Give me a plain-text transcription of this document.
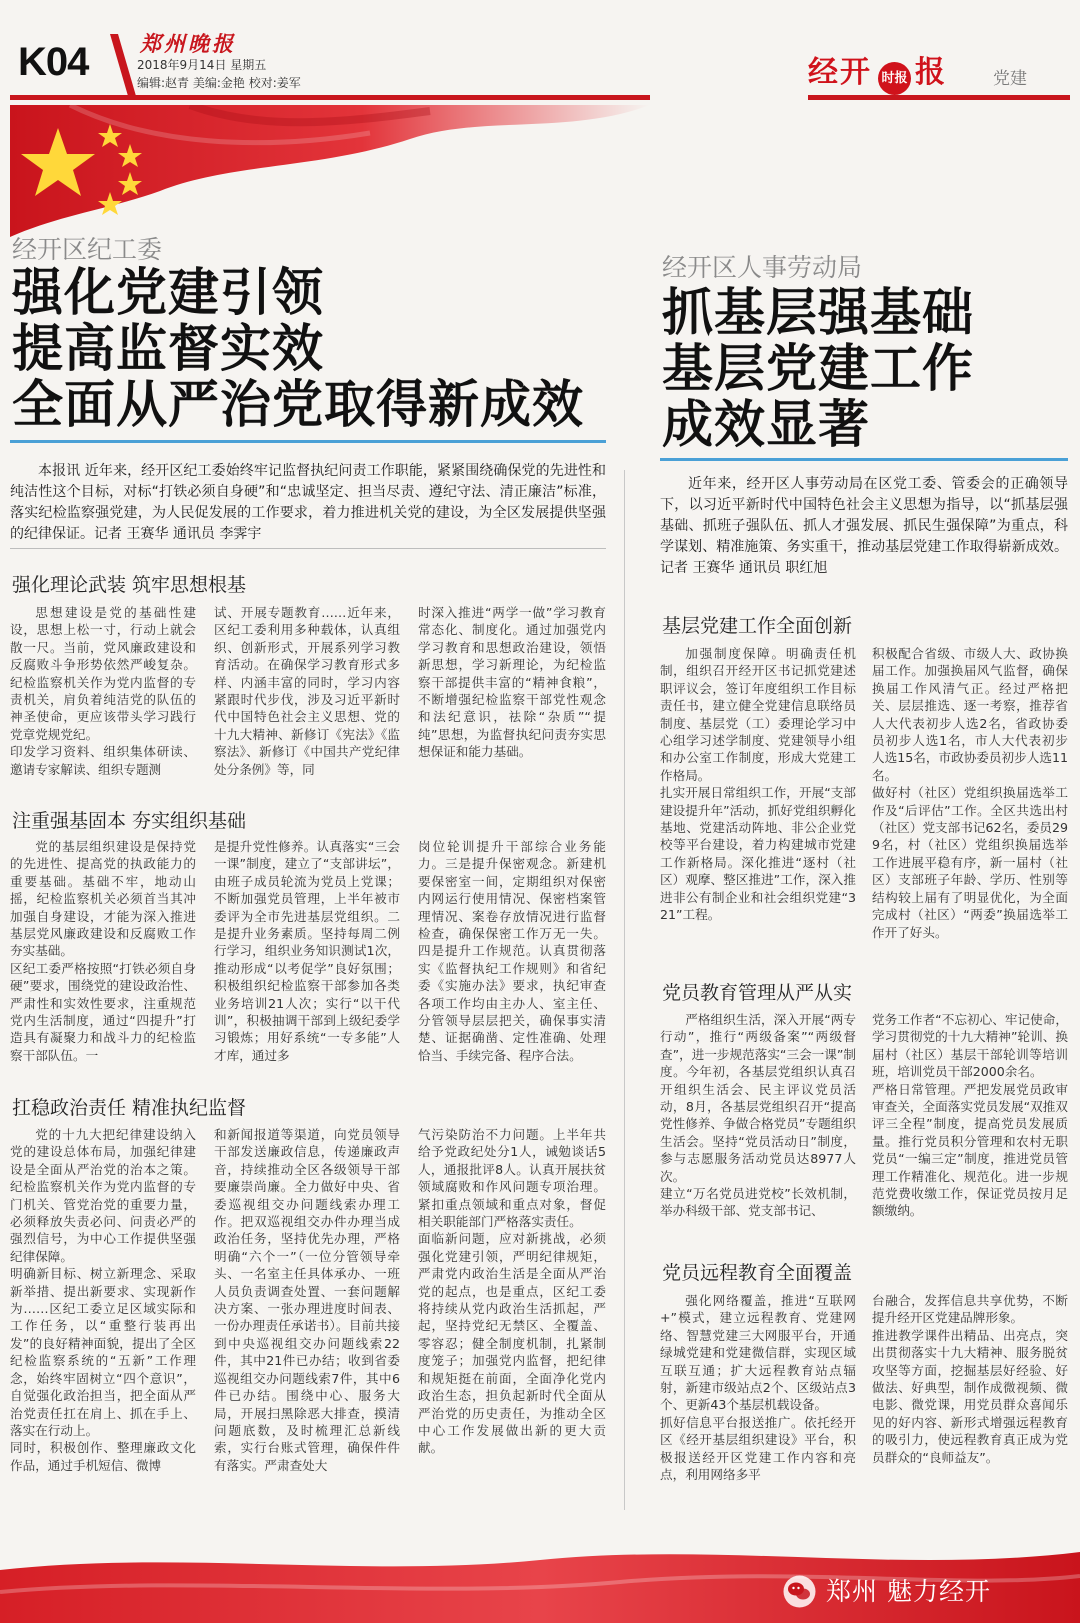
K04 郑州晚报
2018年9月14日 星期五
编辑:赵青 美编:金艳 校对:姜军	经开 时报 报	党建
经开区纪工委
强化党建引领
提高监督实效
全面从严治党取得新成效
本报讯 近年来，经开区纪工委始终牢记监督执纪问责工作职能，紧紧围绕确保党的先进性和纯洁性这个目标，对标“打铁必须自身硬”和“忠诚坚定、担当尽责、遵纪守法、清正廉洁”标准，落实纪检监察强党建，为人民促发展的工作要求，着力推进机关党的建设，为全区发展提供坚强的纪律保证。记者 王赛华 通讯员 李霁宇
强化理论武装 筑牢思想根基
思想建设是党的基础性建设，思想上松一寸，行动上就会散一尺。当前，党风廉政建设和反腐败斗争形势依然严峻复杂。纪检监察机关作为党内监督的专责机关，肩负着纯洁党的队伍的神圣使命，更应该带头学习践行党章党规党纪。
印发学习资料、组织集体研读、邀请专家解读、组织专题测
试、开展专题教育……近年来，区纪工委利用多种载体，认真组织、创新形式，开展系列学习教育活动。在确保学习教育形式多样、内涵丰富的同时，学习内容紧跟时代步伐，涉及习近平新时代中国特色社会主义思想、党的十九大精神、新修订《宪法》《监察法》、新修订《中国共产党纪律处分条例》等，同
时深入推进“两学一做”学习教育常态化、制度化。通过加强党内学习教育和思想政治建设，领悟新思想，学习新理论，为纪检监察干部提供丰富的“精神食粮”，不断增强纪检监察干部党性观念和法纪意识，祛除“杂质”“提纯”思想，为监督执纪问责夯实思想保证和能力基础。
注重强基固本 夯实组织基础
党的基层组织建设是保持党的先进性、提高党的执政能力的重要基础。基础不牢，地动山摇，纪检监察机关必须首当其冲加强自身建设，才能为深入推进基层党风廉政建设和反腐败工作夯实基础。
区纪工委严格按照“打铁必须自身硬”要求，围绕党的建设政治性、严肃性和实效性要求，注重规范党内生活制度，通过“四提升”打造具有凝聚力和战斗力的纪检监察干部队伍。一
是提升党性修养。认真落实“三会一课”制度，建立了“支部讲坛”，由班子成员轮流为党员上党课；不断加强党员管理，上半年被市委评为全市先进基层党组织。二是提升业务素质。坚持每周二例行学习，组织业务知识测试1次，推动形成“以考促学”良好氛围；积极组织纪检监察干部参加各类业务培训21人次；实行“以干代训”，积极抽调干部到上级纪委学习锻炼；用好系统“一专多能”人才库，通过多
岗位轮训提升干部综合业务能力。三是提升保密观念。新建机要保密室一间，定期组织对保密内网运行使用情况、保密档案管理情况、案卷存放情况进行监督检查，确保保密工作万无一失。四是提升工作规范。认真贯彻落实《监督执纪工作规则》和省纪委《实施办法》要求，执纪审查各项工作均由主办人、室主任、分管领导层层把关，确保事实清楚、证据确凿、定性准确、处理恰当、手续完备、程序合法。
扛稳政治责任 精准执纪监督
党的十九大把纪律建设纳入党的建设总体布局，加强纪律建设是全面从严治党的治本之策。纪检监察机关作为党内监督的专门机关、管党治党的重要力量，必须释放失责必问、问责必严的强烈信号，为中心工作提供坚强纪律保障。
明确新目标、树立新理念、采取新举措、提出新要求、实现新作为……区纪工委立足区域实际和工作任务，以“重整行装再出发”的良好精神面貌，提出了全区纪检监察系统的“五新”工作理念，始终牢固树立“四个意识”，自觉强化政治担当，把全面从严治党责任扛在肩上、抓在手上、落实在行动上。
同时，积极创作、整理廉政文化作品，通过手机短信、微博
和新闻报道等渠道，向党员领导干部发送廉政信息，传递廉政声音，持续推动全区各级领导干部要廉崇尚廉。全力做好中央、省委巡视组交办问题线索办理工作。把双巡视组交办件办理当成政治任务，坚持优先办理，严格明确“六个一”（一位分管领导牵头、一名室主任具体承办、一班人员负责调查处置、一套问题解决方案、一张办理进度时间表、一份办理责任承诺书）。目前共接到中央巡视组交办问题线索22件，其中21件已办结；收到省委巡视组交办问题线索7件，其中6件已办结。围绕中心、服务大局，开展扫黑除恶大排查，摸清问题底数，及时梳理汇总新线索，实行台账式管理，确保件件有落实。严肃查处大
气污染防治不力问题。上半年共给予党政纪处分1人，诫勉谈话5人，通报批评8人。认真开展扶贫领域腐败和作风问题专项治理。紧扣重点领域和重点对象，督促相关职能部门严格落实责任。
面临新问题，应对新挑战，必须强化党建引领，严明纪律规矩，严肃党内政治生活是全面从严治党的起点，也是重点，区纪工委将持续从党内政治生活抓起，严起，坚持党纪无禁区、全覆盖、零容忍；健全制度机制，扎紧制度笼子；加强党内监督，把纪律和规矩挺在前面，全面净化党内政治生态，担负起新时代全面从严治党的历史责任，为推动全区中心工作发展做出新的更大贡献。
经开区人事劳动局
抓基层强基础
基层党建工作
成效显著
近年来，经开区人事劳动局在区党工委、管委会的正确领导下，以习近平新时代中国特色社会主义思想为指导，以“抓基层强基础、抓班子强队伍、抓人才强发展、抓民生强保障”为重点，科学谋划、精准施策、务实重干，推动基层党建工作取得崭新成效。记者 王赛华 通讯员 职红旭
基层党建工作全面创新
加强制度保障。明确责任机制，组织召开经开区书记抓党建述职评议会，签订年度组织工作目标责任书，建立健全党建信息联络员制度、基层党（工）委理论学习中心组学习述学制度、党建领导小组和办公室工作制度，形成大党建工作格局。
扎实开展日常组织工作，开展“支部建设提升年”活动，抓好党组织孵化基地、党建活动阵地、非公企业党校等平台建设，着力构建城市党建工作新格局。深化推进“逐村（社区）观摩、整区推进”工作，深入推进非公有制企业和社会组织党建“321”工程。
积极配合省级、市级人大、政协换届工作。加强换届风气监督，确保换届工作风清气正。经过严格把关、层层推选、逐一考察，推荐省人大代表初步人选2名，省政协委员初步人选1名，市人大代表初步人选15名，市政协委员初步人选11名。
做好村（社区）党组织换届选举工作及“后评估”工作。全区共选出村（社区）党支部书记62名，委员299名，村（社区）党组织换届选举工作进展平稳有序，新一届村（社区）支部班子年龄、学历、性别等结构较上届有了明显优化，为全面完成村（社区）“两委”换届选举工作开了好头。
党员教育管理从严从实
严格组织生活，深入开展“两专行动”，推行“两级备案”“两级督查”，进一步规范落实“三会一课”制度。今年初，各基层党组织认真召开组织生活会、民主评议党员活动，8月，各基层党组织召开“提高党性修养、争做合格党员”专题组织生活会。坚持“党员活动日”制度，参与志愿服务活动党员达8977人次。
建立“万名党员进党校”长效机制，举办科级干部、党支部书记、
党务工作者“不忘初心、牢记使命，学习贯彻党的十九大精神”轮训、换届村（社区）基层干部轮训等培训班，培训党员干部2000余名。
严格日常管理。严把发展党员政审审查关，全面落实党员发展“双推双评三全程”制度，提高党员发展质量。推行党员积分管理和农村无职党员“一编三定”制度，推进党员管理工作精准化、规范化。进一步规范党费收缴工作，保证党员按月足额缴纳。
党员远程教育全面覆盖
强化网络覆盖，推进“互联网+”模式，建立远程教育、党建网络、智慧党建三大网服平台，开通绿城党建和党建微信群，实现区域互联互通；扩大远程教育站点辐射，新建市级站点2个、区级站点3个、更新43个基层机载设备。
抓好信息平台报送推广。依托经开区《经开基层组织建设》平台，积极报送经开区党建工作内容和亮点，利用网络多平
台融合，发挥信息共享优势，不断提升经开区党建品牌形象。
推进教学课件出精品、出亮点，突出贯彻落实十九大精神、服务脱贫攻坚等方面，挖掘基层好经验、好做法、好典型，制作成微视频、微电影、微党课，用党员群众喜闻乐见的好内容、新形式增强远程教育的吸引力，使远程教育真正成为党员群众的“良师益友”。
郑州 魅力经开
